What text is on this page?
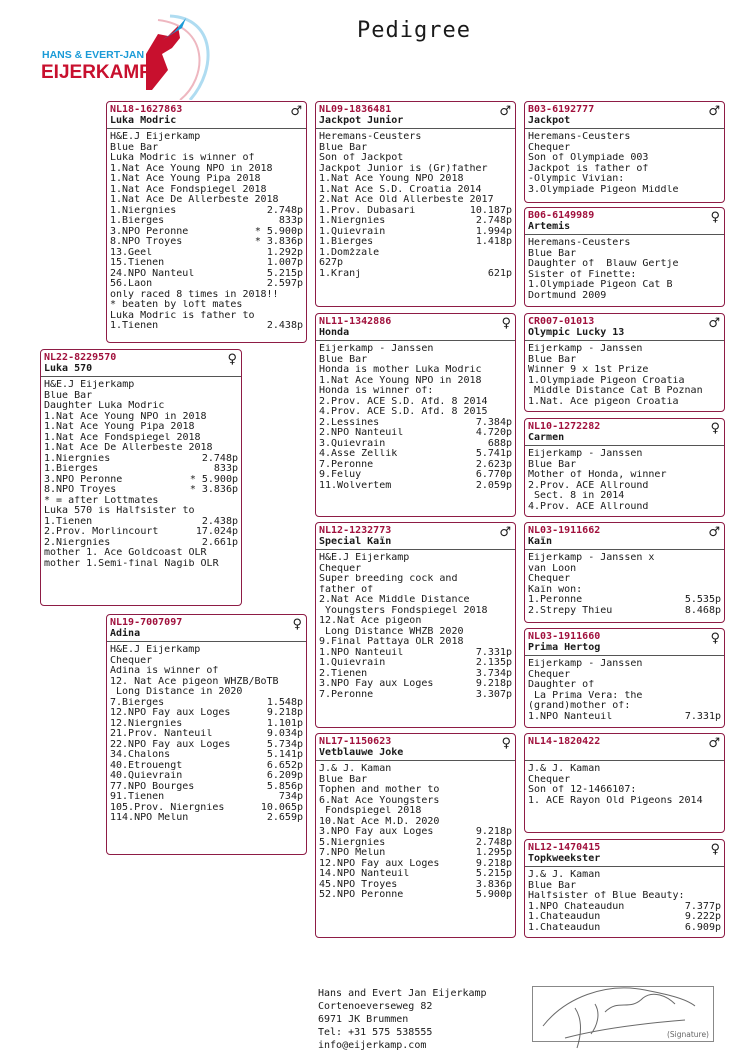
HANS & EVERT-JAN
EIJERKAMP
Pedigree
NL22-8229570
Luka 570
♀
H&E.J Eijerkamp
Blue Bar
Daughter Luka Modric
1.Nat Ace Young NPO in 2018
1.Nat Ace Young Pipa 2018
1.Nat Ace Fondspiegel 2018
1.Nat Ace De Allerbeste 2018
1.Niergnies	2.748p
1.Bierges	833p
3.NPO Peronne	* 5.900p
8.NPO Troyes	* 3.836p
* = after Lottmates
Luka 570 is Halfsister to
1.Tienen	2.438p
2.Prov. Morlincourt	17.024p
2.Niergnies	2.661p
mother 1. Ace Goldcoast OLR
mother 1.Semi-final Nagib OLR
NL18-1627863
Luka Modric
♂
H&E.J Eijerkamp
Blue Bar
Luka Modric is winner of
1.Nat Ace Young NPO in 2018
1.Nat Ace Young Pipa 2018
1.Nat Ace Fondspiegel 2018
1.Nat Ace De Allerbeste 2018
1.Niergnies	2.748p
1.Bierges	833p
3.NPO Peronne	* 5.900p
8.NPO Troyes	* 3.836p
13.Geel	1.292p
15.Tienen	1.007p
24.NPO Nanteul	5.215p
56.Laon	2.597p
only raced 8 times in 2018!!
* beaten by loft mates
Luka Modric is father to
1.Tienen	2.438p
NL19-7007097
Adina
♀
H&E.J Eijerkamp
Chequer
Adina is winner of
12. Nat Ace pigeon WHZB/BoTB
Long Distance in 2020
7.Bierges	1.548p
12.NPO Fay aux Loges	9.218p
12.Niergnies	1.101p
21.Prov. Nanteuil	9.034p
22.NPO Fay aux Loges	5.734p
34.Chalons	5.141p
40.Etrouengt	6.652p
40.Quievrain	6.209p
77.NPO Bourges	5.856p
91.Tienen	734p
105.Prov. Niergnies	10.065p
114.NPO Melun	2.659p
NL09-1836481
Jackpot Junior
♂
Heremans-Ceusters
Blue Bar
Son of Jackpot
Jackpot Junior is (Gr)father
1.Nat Ace Young NPO 2018
1.Nat Ace S.D. Croatia 2014
2.Nat Ace Old Allerbeste 2017
1.Prov. Dubasari	10.187p
1.Niergnies	2.748p
1.Quievrain	1.994p
1.Bierges	1.418p
1.Domžzale
627p
1.Kranj	621p
NL11-1342886
Honda
♀
Eijerkamp - Janssen
Blue Bar
Honda is mother Luka Modric
1.Nat Ace Young NPO in 2018
Honda is winner of:
2.Prov. ACE S.D. Afd. 8 2014
4.Prov. ACE S.D. Afd. 8 2015
2.Lessines	7.384p
2.NPO Nanteuil	4.720p
3.Quievrain	688p
4.Asse Zellik	5.741p
7.Peronne	2.623p
9.Feluy	6.770p
11.Wolvertem	2.059p
NL12-1232773
Special Kaïn
♂
H&E.J Eijerkamp
Chequer
Super breeding cock and
father of
2.Nat Ace Middle Distance
Youngsters Fondspiegel 2018
12.Nat Ace pigeon
Long Distance WHZB 2020
9.Final Pattaya OLR 2018
1.NPO Nanteuil	7.331p
1.Quievrain	2.135p
2.Tienen	3.734p
3.NPO Fay aux Loges	9.218p
7.Peronne	3.307p
NL17-1150623
Vetblauwe Joke
♀
J.& J. Kaman
Blue Bar
Tophen and mother to
6.Nat Ace Youngsters
Fondspiegel 2018
10.Nat Ace M.D. 2020
3.NPO Fay aux Loges	9.218p
5.Niergnies	2.748p
7.NPO Melun	1.295p
12.NPO Fay aux Loges	9.218p
14.NPO Nanteuil	5.215p
45.NPO Troyes	3.836p
52.NPO Peronne	5.900p
B03-6192777
Jackpot
♂
Heremans-Ceusters
Chequer
Son of Olympiade 003
Jackpot is father of
-Olympic Vivian:
3.Olympiade Pigeon Middle
B06-6149989
Artemis
♀
Heremans-Ceusters
Blue Bar
Daughter of  Blauw Gertje
Sister of Finette:
1.Olympiade Pigeon Cat B
Dortmund 2009
CR007-01013
Olympic Lucky 13
♂
Eijerkamp - Janssen
Blue Bar
Winner 9 x 1st Prize
1.Olympiade Pigeon Croatia
Middle Distance Cat B Poznan
1.Nat. Ace pigeon Croatia
NL10-1272282
Carmen
♀
Eijerkamp - Janssen
Blue Bar
Mother of Honda, winner
2.Prov. ACE Allround
Sect. 8 in 2014
4.Prov. ACE Allround
NL03-1911662
Kaïn
♂
Eijerkamp - Janssen x
van Loon
Chequer
Kaïn won:
1.Peronne	5.535p
2.Strepy Thieu	8.468p
NL03-1911660
Prima Hertog
♀
Eijerkamp - Janssen
Chequer
Daughter of
La Prima Vera: the
(grand)mother of:
1.NPO Nanteuil	7.331p
NL14-1820422
	♂
J.& J. Kaman
Chequer
Son of 12-1466107:
1. ACE Rayon Old Pigeons 2014
NL12-1470415
Topkweekster
♀
J.& J. Kaman
Blue Bar
Halfsister of Blue Beauty:
1.NPO Chateaudun	7.377p
1.Chateaudun	9.222p
1.Chateaudun	6.909p
Hans and Evert Jan Eijerkamp
Cortenoeverseweg 82
6971 JK Brummen
Tel: +31 575 538555
info@eijerkamp.com
(Signature)
